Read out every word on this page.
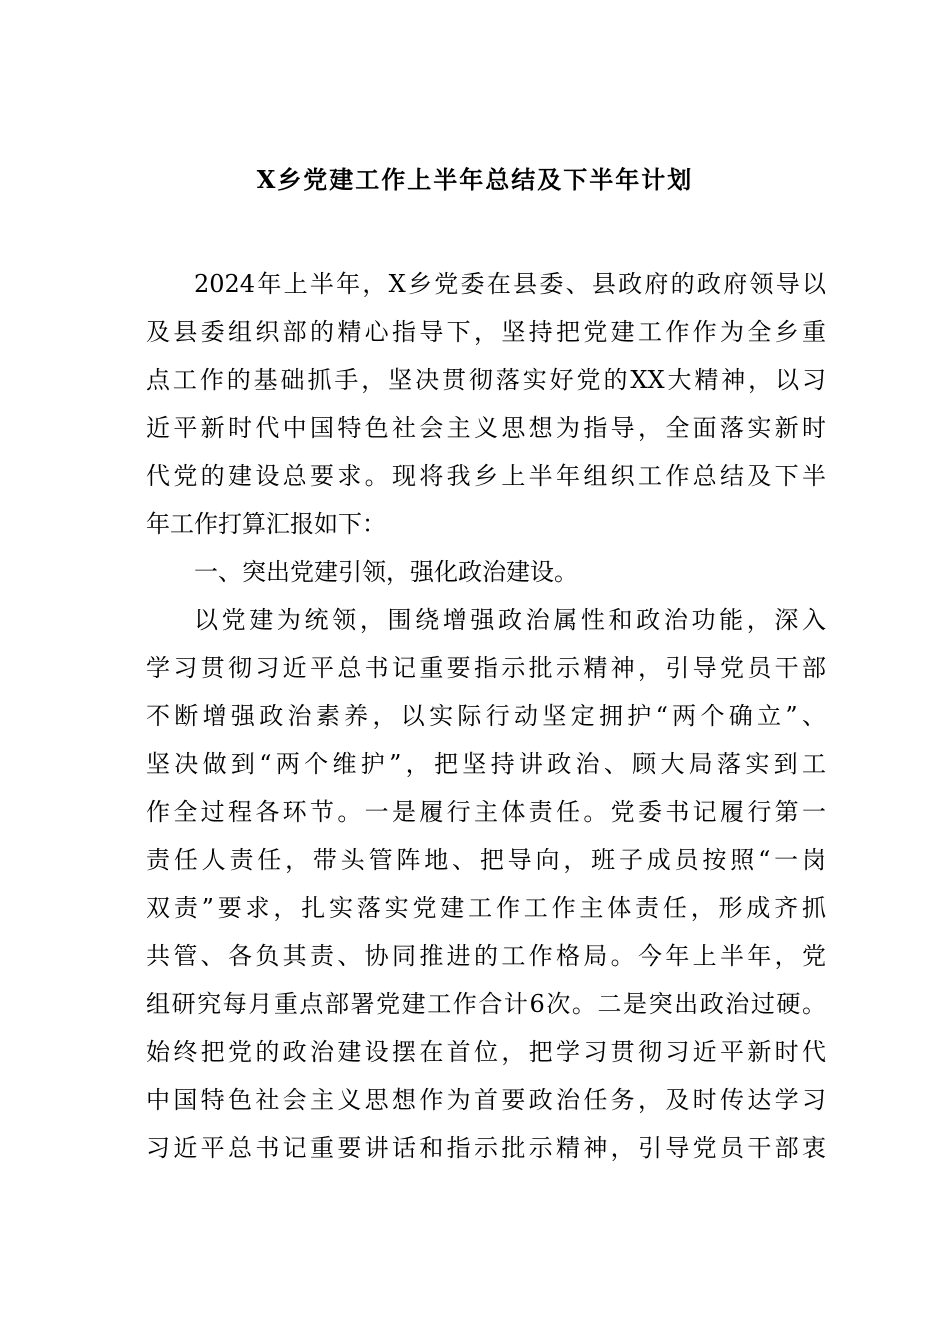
X乡党建工作上半年总结及下半年计划
2024年上半年，X乡党委在县委、县政府的政府领导以
及县委组织部的精心指导下，坚持把党建工作作为全乡重
点工作的基础抓手，坚决贯彻落实好党的XX大精神，以习
近平新时代中国特色社会主义思想为指导，全面落实新时
代党的建设总要求。现将我乡上半年组织工作总结及下半
年工作打算汇报如下：
一、突出党建引领，强化政治建设。
以党建为统领，围绕增强政治属性和政治功能，深入
学习贯彻习近平总书记重要指示批示精神，引导党员干部
不断增强政治素养，以实际行动坚定拥护“两个确立”、
坚决做到“两个维护”，把坚持讲政治、顾大局落实到工
作全过程各环节。一是履行主体责任。党委书记履行第一
责任人责任，带头管阵地、把导向，班子成员按照“一岗
双责”要求，扎实落实党建工作工作主体责任，形成齐抓
共管、各负其责、协同推进的工作格局。今年上半年，党
组研究每月重点部署党建工作合计6次。二是突出政治过硬。
始终把党的政治建设摆在首位，把学习贯彻习近平新时代
中国特色社会主义思想作为首要政治任务，及时传达学习
习近平总书记重要讲话和指示批示精神，引导党员干部衷
